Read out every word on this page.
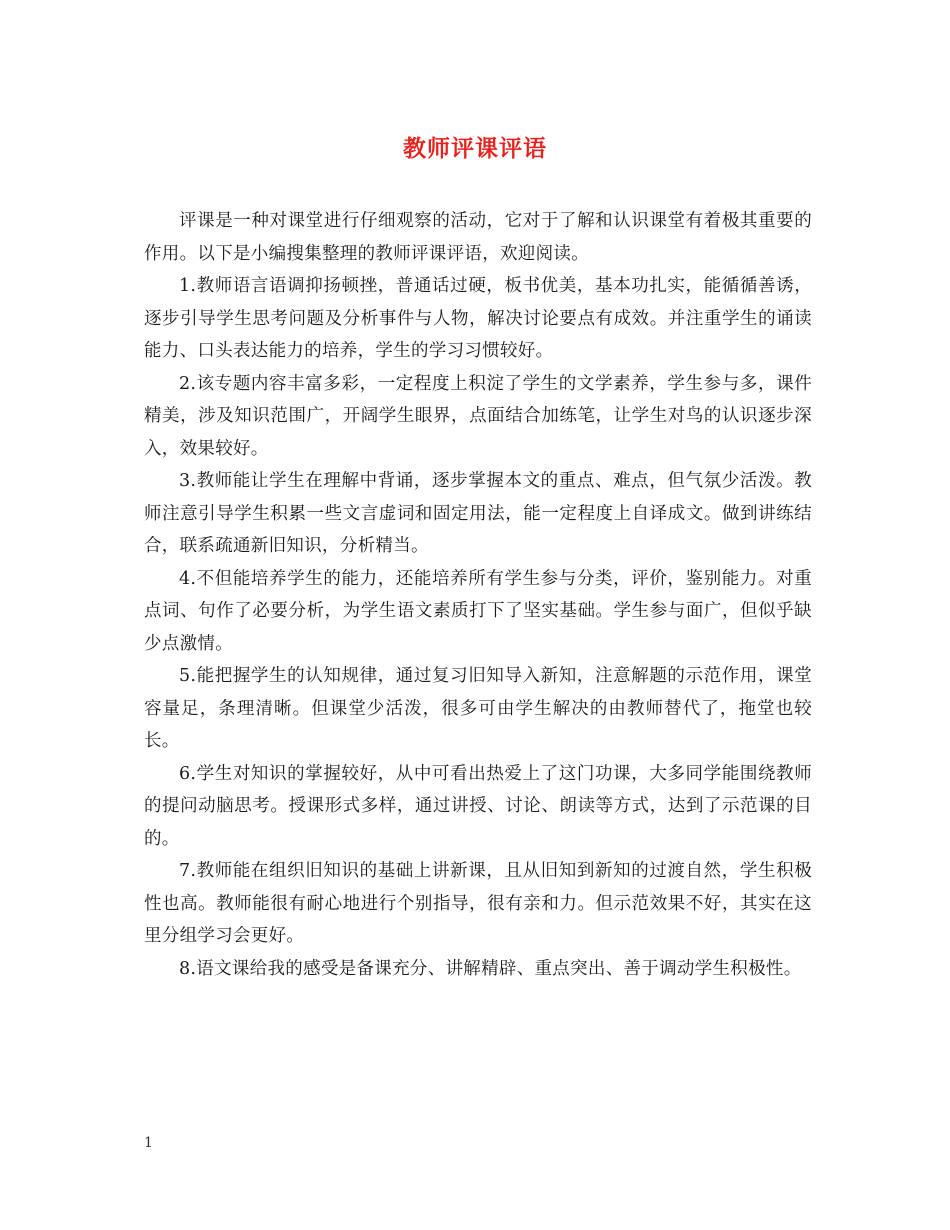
教师评课评语

评课是一种对课堂进行仔细观察的活动，它对于了解和认识课堂有着极其重要的作用。以下是小编搜集整理的教师评课评语，欢迎阅读。

1.教师语言语调抑扬顿挫，普通话过硬，板书优美，基本功扎实，能循循善诱，逐步引导学生思考问题及分析事件与人物，解决讨论要点有成效。并注重学生的诵读能力、口头表达能力的培养，学生的学习习惯较好。

2.该专题内容丰富多彩，一定程度上积淀了学生的文学素养，学生参与多，课件精美，涉及知识范围广，开阔学生眼界，点面结合加练笔，让学生对鸟的认识逐步深入，效果较好。

3.教师能让学生在理解中背诵，逐步掌握本文的重点、难点，但气氛少活泼。教师注意引导学生积累一些文言虚词和固定用法，能一定程度上自译成文。做到讲练结合，联系疏通新旧知识，分析精当。

4.不但能培养学生的能力，还能培养所有学生参与分类，评价，鉴别能力。对重点词、句作了必要分析，为学生语文素质打下了坚实基础。学生参与面广，但似乎缺少点激情。

5.能把握学生的认知规律，通过复习旧知导入新知，注意解题的示范作用，课堂容量足，条理清晰。但课堂少活泼，很多可由学生解决的由教师替代了，拖堂也较长。

6.学生对知识的掌握较好，从中可看出热爱上了这门功课，大多同学能围绕教师的提问动脑思考。授课形式多样，通过讲授、讨论、朗读等方式，达到了示范课的目的。

7.教师能在组织旧知识的基础上讲新课，且从旧知到新知的过渡自然，学生积极性也高。教师能很有耐心地进行个别指导，很有亲和力。但示范效果不好，其实在这里分组学习会更好。

8.语文课给我的感受是备课充分、讲解精辟、重点突出、善于调动学生积极性。

1
